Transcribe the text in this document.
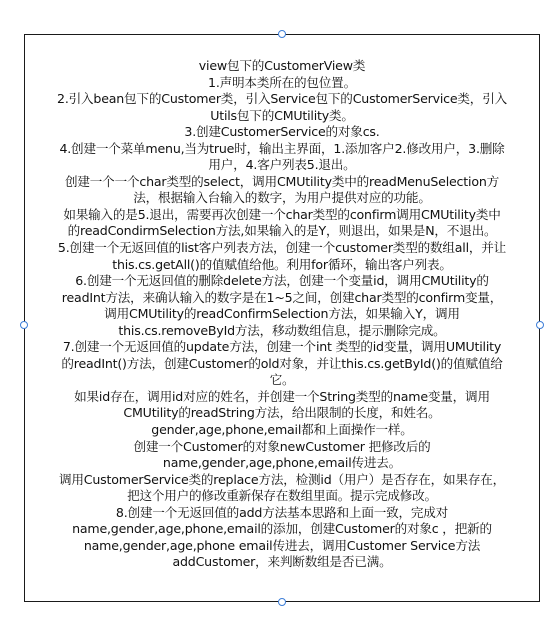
view包下的CustomerView类
1.声明本类所在的包位置。
2.引入bean包下的Customer类，引入Service包下的CustomerService类，引入
Utils包下的CMUtility类。
3.创建CustomerService的对象cs.
4.创建一个菜单menu,当为true时，输出主界面，1.添加客户2.修改用户，3.删除
用户，4.客户列表5.退出。
创建一个一个char类型的select，调用CMUtility类中的readMenuSelection方
法，根据输入台输入的数字，为用户提供对应的功能。
如果输入的是5.退出，需要再次创建一个char类型的confirm调用CMUtility类中
的readCondirmSelection方法,如果输入的是Y，则退出，如果是N，不退出。
5.创建一个无返回值的list客户列表方法，创建一个customer类型的数组all，并让
this.cs.getAll()的值赋值给他。利用for循环，输出客户列表。
6.创建一个无返回值的删除delete方法，创建一个变量id，调用CMUtility的
readInt方法，来确认输入的数字是在1~5之间，创建char类型的confirm变量，
调用CMUtility的readConfirmSelection方法，如果输入Y，调用
this.cs.removeById方法，移动数组信息，提示删除完成。
7.创建一个无返回值的update方法，创建一个int 类型的id变量，调用UMUtility
的readInt()方法，创建Customer的old对象，并让this.cs.getById()的值赋值给
它。
如果id存在，调用id对应的姓名，并创建一个String类型的name变量，调用
CMUtility的readString方法，给出限制的长度，和姓名。
gender,age,phone,email都和上面操作一样。
创建一个Customer的对象newCustomer 把修改后的
name,gender,age,phone,email传进去。
调用CustomerService类的replace方法，检测id（用户）是否存在，如果存在，
把这个用户的修改重新保存在数组里面。提示完成修改。
8.创建一个无返回值的add方法基本思路和上面一致，完成对
name,gender,age,phone,email的添加，创建Customer的对象c ，把新的
name,gender,age,phone email传进去，调用Customer Service方法
addCustomer，来判断数组是否已满。
